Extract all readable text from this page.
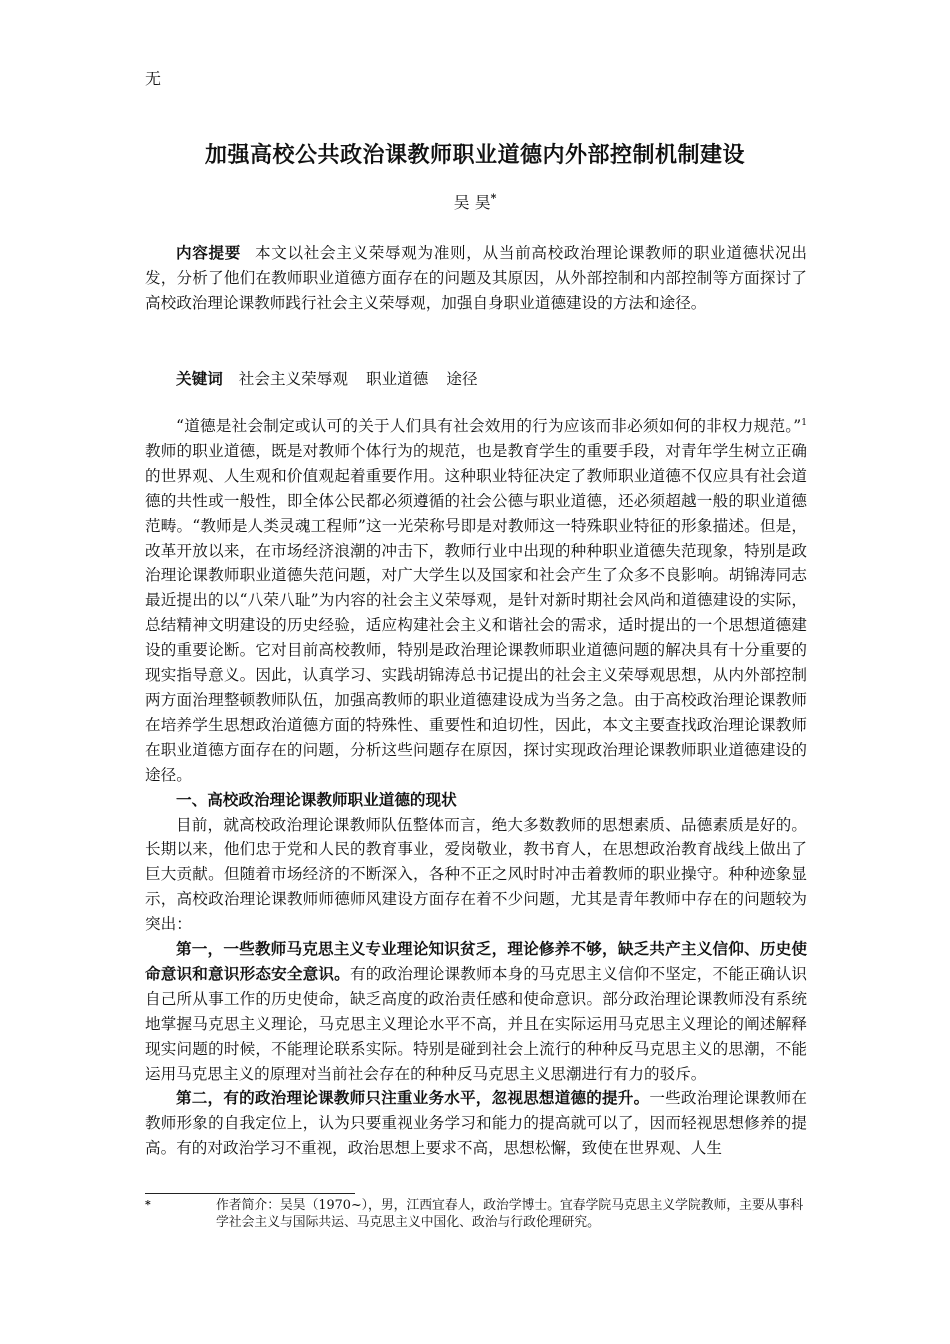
无
加强高校公共政治课教师职业道德内外部控制机制建设
吴 昊*
内容提要 本文以社会主义荣辱观为准则，从当前高校政治理论课教师的职业道德状况出发，分析了他们在教师职业道德方面存在的问题及其原因，从外部控制和内部控制等方面探讨了高校政治理论课教师践行社会主义荣辱观，加强自身职业道德建设的方法和途径。
关键词 社会主义荣辱观 职业道德 途径

“道德是社会制定或认可的关于人们具有社会效用的行为应该而非必须如何的非权力规范。”$^1$教师的职业道德，既是对教师个体行为的规范，也是教育学生的重要手段，对青年学生树立正确的世界观、人生观和价值观起着重要作用。这种职业特征决定了教师职业道德不仅应具有社会道德的共性或一般性，即全体公民都必须遵循的社会公德与职业道德，还必须超越一般的职业道德范畴。“教师是人类灵魂工程师”这一光荣称号即是对教师这一特殊职业特征的形象描述。但是，改革开放以来，在市场经济浪潮的冲击下，教师行业中出现的种种职业道德失范现象，特别是政治理论课教师职业道德失范问题，对广大学生以及国家和社会产生了众多不良影响。胡锦涛同志最近提出的以“八荣八耻”为内容的社会主义荣辱观，是针对新时期社会风尚和道德建设的实际，总结精神文明建设的历史经验，适应构建社会主义和谐社会的需求，适时提出的一个思想道德建设的重要论断。它对目前高校教师，特别是政治理论课教师职业道德问题的解决具有十分重要的现实指导意义。因此，认真学习、实践胡锦涛总书记提出的社会主义荣辱观思想，从内外部控制两方面治理整顿教师队伍，加强高教师的职业道德建设成为当务之急。由于高校政治理论课教师在培养学生思想政治道德方面的特殊性、重要性和迫切性，因此，本文主要查找政治理论课教师在职业道德方面存在的问题，分析这些问题存在原因，探讨实现政治理论课教师职业道德建设的途径。

一、高校政治理论课教师职业道德的现状

目前，就高校政治理论课教师队伍整体而言，绝大多数教师的思想素质、品德素质是好的。长期以来，他们忠于党和人民的教育事业，爱岗敬业，教书育人，在思想政治教育战线上做出了巨大贡献。但随着市场经济的不断深入，各种不正之风时时冲击着教师的职业操守。种种迹象显示，高校政治理论课教师师德师风建设方面存在着不少问题，尤其是青年教师中存在的问题较为突出：

第一，一些教师马克思主义专业理论知识贫乏，理论修养不够，缺乏共产主义信仰、历史使命意识和意识形态安全意识。有的政治理论课教师本身的马克思主义信仰不坚定，不能正确认识自己所从事工作的历史使命，缺乏高度的政治责任感和使命意识。部分政治理论课教师没有系统地掌握马克思主义理论，马克思主义理论水平不高，并且在实际运用马克思主义理论的阐述解释现实问题的时候，不能理论联系实际。特别是碰到社会上流行的种种反马克思主义的思潮，不能运用马克思主义的原理对当前社会存在的种种反马克思主义思潮进行有力的驳斥。

第二，有的政治理论课教师只注重业务水平，忽视思想道德的提升。一些政治理论课教师在教师形象的自我定位上，认为只要重视业务学习和能力的提高就可以了，因而轻视思想修养的提高。有的对政治学习不重视，政治思想上要求不高，思想松懈，致使在世界观、人生

*	作者简介：吴昊（1970~），男，江西宜春人，政治学博士。宜春学院马克思主义学院教师，主要从事科学社会主义与国际共运、马克思主义中国化、政治与行政伦理研究。
